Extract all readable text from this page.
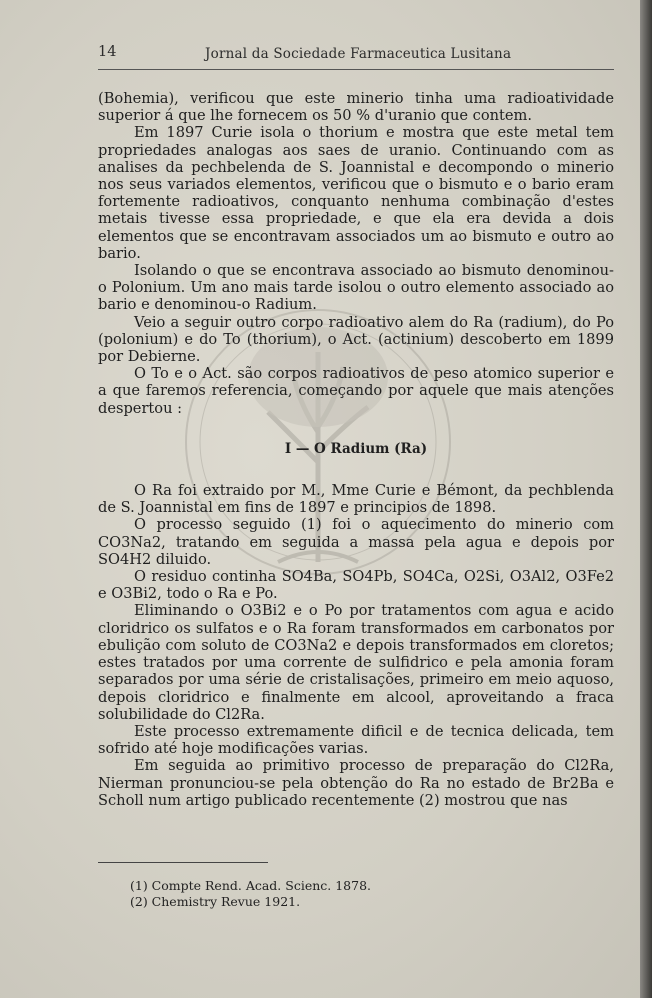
14	Jornal da Sociedade Farmaceutica Lusitana

(Bohemia), verificou que este minerio tinha uma radioatividade superior á que lhe fornecem os 50 % d'uranio que contem.

Em 1897 Curie isola o thorium e mostra que este metal tem propriedades analogas aos saes de uranio. Continuando com as analises da pechbelenda de S. Joannistal e decompondo o minerio nos seus variados elementos, verificou que o bismuto e o bario eram fortemente radioativos, conquanto nenhuma combinação d'estes metais tivesse essa propriedade, e que ela era devida a dois elementos que se encontravam associados um ao bismuto e outro ao bario.

Isolando o que se encontrava associado ao bismuto denominou-o Polonium. Um ano mais tarde isolou o outro elemento associado ao bario e denominou-o Radium.

Veio a seguir outro corpo radioativo alem do Ra (radium), do Po (polonium) e do To (thorium), o Act. (actinium) descoberto em 1899 por Debierne.

O To e o Act. são corpos radioativos de peso atomico superior e a que faremos referencia, começando por aquele que mais atenções despertou :

I — O Radium (Ra)

O Ra foi extraido por M., Mme Curie e Bémont, da pechblenda de S. Joannistal em fins de 1897 e principios de 1898.

O processo seguido (1) foi o aquecimento do minerio com CO3Na2, tratando em seguida a massa pela agua e depois por SO4H2 diluido.

O residuo continha SO4Ba, SO4Pb, SO4Ca, O2Si, O3Al2, O3Fe2 e O3Bi2, todo o Ra e Po.

Eliminando o O3Bi2 e o Po por tratamentos com agua e acido cloridrico os sulfatos e o Ra foram transformados em carbonatos por ebulição com soluto de CO3Na2 e depois transformados em cloretos; estes tratados por uma corrente de sulfidrico e pela amonia foram separados por uma série de cristalisações, primeiro em meio aquoso, depois cloridrico e finalmente em alcool, aproveitando a fraca solubilidade do Cl2Ra.

Este processo extremamente dificil e de tecnica delicada, tem sofrido até hoje modificações varias.

Em seguida ao primitivo processo de preparação do Cl2Ra, Nierman pronunciou-se pela obtenção do Ra no estado de Br2Ba e Scholl num artigo publicado recentemente (2) mostrou que nas

(1) Compte Rend. Acad. Scienc. 1878.
(2) Chemistry Revue 1921.
